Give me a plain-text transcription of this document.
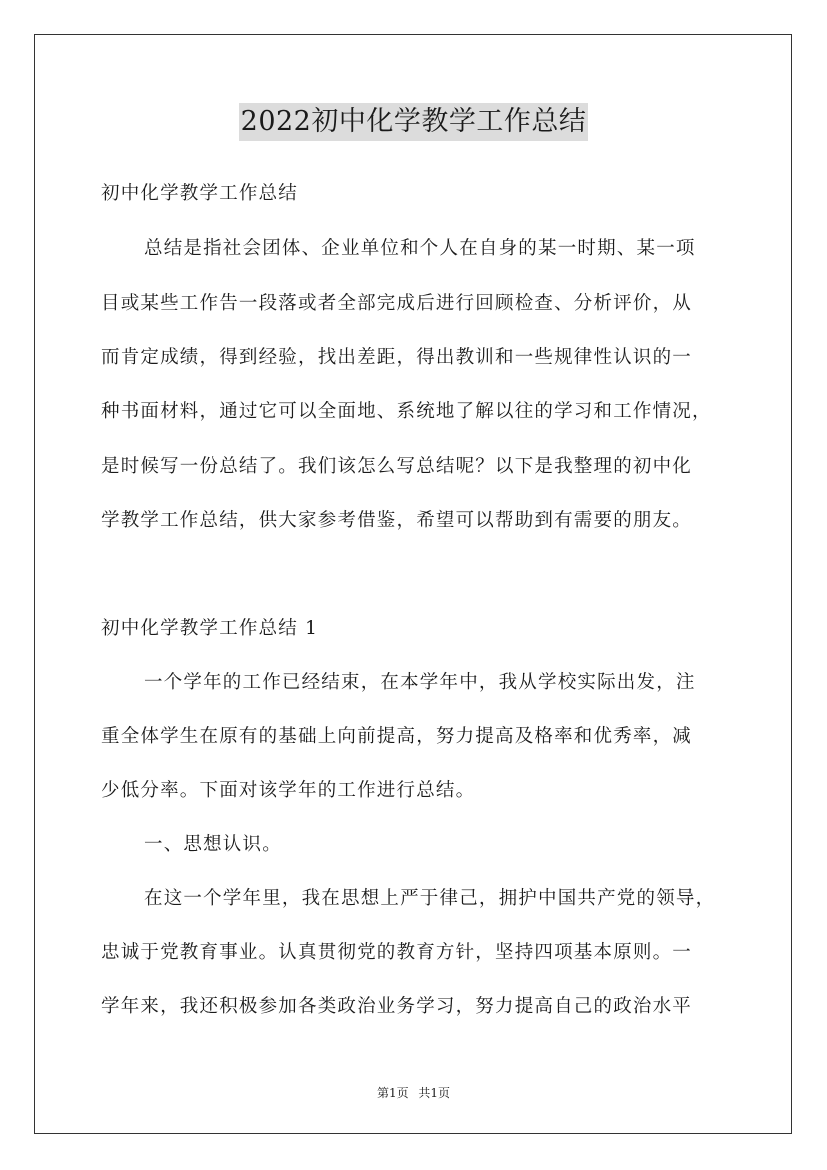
2022初中化学教学工作总结
初中化学教学工作总结
总结是指社会团体、企业单位和个人在自身的某一时期、某一项
目或某些工作告一段落或者全部完成后进行回顾检查、分析评价，从
而肯定成绩，得到经验，找出差距，得出教训和一些规律性认识的一
种书面材料，通过它可以全面地、系统地了解以往的学习和工作情况，
是时候写一份总结了。我们该怎么写总结呢？以下是我整理的初中化
学教学工作总结，供大家参考借鉴，希望可以帮助到有需要的朋友。
初中化学教学工作总结 1
一个学年的工作已经结束，在本学年中，我从学校实际出发，注
重全体学生在原有的基础上向前提高，努力提高及格率和优秀率，减
少低分率。下面对该学年的工作进行总结。
一、思想认识。
在这一个学年里，我在思想上严于律己，拥护中国共产党的领导，
忠诚于党教育事业。认真贯彻党的教育方针，坚持四项基本原则。一
学年来，我还积极参加各类政治业务学习，努力提高自己的政治水平
第1页 共1页
